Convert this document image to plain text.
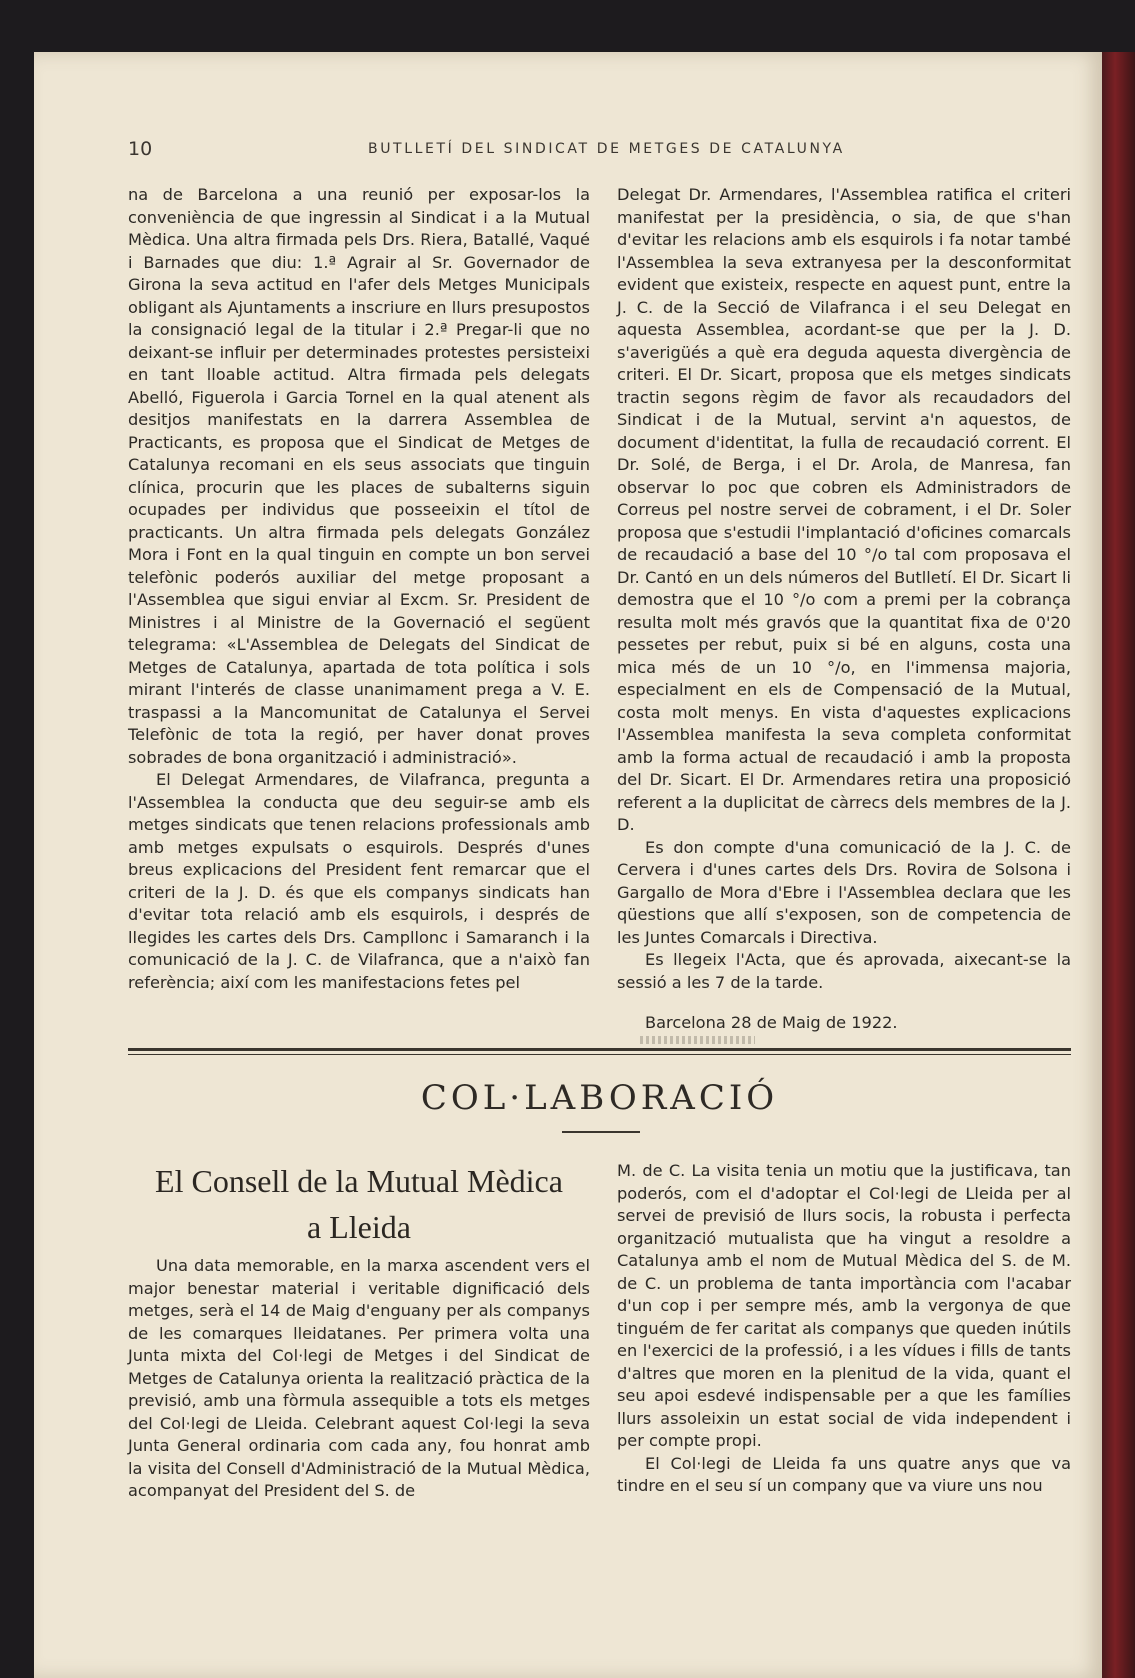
10	BUTLLETÍ DEL SINDICAT DE METGES DE CATALUNYA

na de Barcelona a una reunió per exposar-los la conveniència de que ingressin al Sindicat i a la Mutual Mèdica. Una altra firmada pels Drs. Riera, Batallé, Vaqué i Barnades que diu: 1.ª Agrair al Sr. Governador de Girona la seva actitud en l'afer dels Metges Municipals obligant als Ajuntaments a inscriure en llurs presupostos la consignació legal de la titular i 2.ª Pregar-li que no deixant-se influir per determinades protestes persisteixi en tant lloable actitud. Altra firmada pels delegats Abelló, Figuerola i Garcia Tornel en la qual atenent als desitjos manifestats en la darrera Assemblea de Practicants, es proposa que el Sindicat de Metges de Catalunya recomani en els seus associats que tinguin clínica, procurin que les places de subalterns siguin ocupades per individus que posseeixin el títol de practicants. Un altra firmada pels delegats González Mora i Font en la qual tinguin en compte un bon servei telefònic poderós auxiliar del metge proposant a l'Assemblea que sigui enviar al Excm. Sr. President de Ministres i al Ministre de la Governació el següent telegrama: «L'Assemblea de Delegats del Sindicat de Metges de Catalunya, apartada de tota política i sols mirant l'interés de classe unanimament prega a V. E. traspassi a la Mancomunitat de Catalunya el Servei Telefònic de tota la regió, per haver donat proves sobrades de bona organització i administració».

El Delegat Armendares, de Vilafranca, pregunta a l'Assemblea la conducta que deu seguir-se amb els metges sindicats que tenen relacions professionals amb amb metges expulsats o esquirols. Després d'unes breus explicacions del President fent remarcar que el criteri de la J. D. és que els companys sindicats han d'evitar tota relació amb els esquirols, i després de llegides les cartes dels Drs. Campllonc i Samaranch i la comunicació de la J. C. de Vilafranca, que a n'això fan referència; així com les manifestacions fetes pel

Delegat Dr. Armendares, l'Assemblea ratifica el criteri manifestat per la presidència, o sia, de que s'han d'evitar les relacions amb els esquirols i fa notar també l'Assemblea la seva extranyesa per la desconformitat evident que existeix, respecte en aquest punt, entre la J. C. de la Secció de Vilafranca i el seu Delegat en aquesta Assemblea, acordant-se que per la J. D. s'averigüés a què era deguda aquesta divergència de criteri. El Dr. Sicart, proposa que els metges sindicats tractin segons règim de favor als recaudadors del Sindicat i de la Mutual, servint a'n aquestos, de document d'identitat, la fulla de recaudació corrent. El Dr. Solé, de Berga, i el Dr. Arola, de Manresa, fan observar lo poc que cobren els Administradors de Correus pel nostre servei de cobrament, i el Dr. Soler proposa que s'estudii l'implantació d'oficines comarcals de recaudació a base del 10 °/o tal com proposava el Dr. Cantó en un dels números del Butlletí. El Dr. Sicart li demostra que el 10 °/o com a premi per la cobrança resulta molt més gravós que la quantitat fixa de 0'20 pessetes per rebut, puix si bé en alguns, costa una mica més de un 10 °/o, en l'immensa majoria, especialment en els de Compensació de la Mutual, costa molt menys. En vista d'aquestes explicacions l'Assemblea manifesta la seva completa conformitat amb la forma actual de recaudació i amb la proposta del Dr. Sicart. El Dr. Armendares retira una proposició referent a la duplicitat de càrrecs dels membres de la J. D.

Es don compte d'una comunicació de la J. C. de Cervera i d'unes cartes dels Drs. Rovira de Solsona i Gargallo de Mora d'Ebre i l'Assemblea declara que les qüestions que allí s'exposen, son de competencia de les Juntes Comarcals i Directiva.

Es llegeix l'Acta, que és aprovada, aixecant-se la sessió a les 7 de la tarde.

Barcelona 28 de Maig de 1922.

COL·LABORACIÓ
El Consell de la Mutual Mèdica
a Lleida

Una data memorable, en la marxa ascendent vers el major benestar material i veritable dignificació dels metges, serà el 14 de Maig d'enguany per als companys de les comarques lleidatanes. Per primera volta una Junta mixta del Col·legi de Metges i del Sindicat de Metges de Catalunya orienta la realització pràctica de la previsió, amb una fòrmula assequible a tots els metges del Col·legi de Lleida. Celebrant aquest Col·legi la seva Junta General ordinaria com cada any, fou honrat amb la visita del Consell d'Administració de la Mutual Mèdica, acompanyat del President del S. de

M. de C. La visita tenia un motiu que la justificava, tan poderós, com el d'adoptar el Col·legi de Lleida per al servei de previsió de llurs socis, la robusta i perfecta organització mutualista que ha vingut a resoldre a Catalunya amb el nom de Mutual Mèdica del S. de M. de C. un problema de tanta importància com l'acabar d'un cop i per sempre més, amb la vergonya de que tinguém de fer caritat als companys que queden inútils en l'exercici de la professió, i a les vídues i fills de tants d'altres que moren en la plenitud de la vida, quant el seu apoi esdevé indispensable per a que les famílies llurs assoleixin un estat social de vida independent i per compte propi.

El Col·legi de Lleida fa uns quatre anys que va tindre en el seu sí un company que va viure uns nou
